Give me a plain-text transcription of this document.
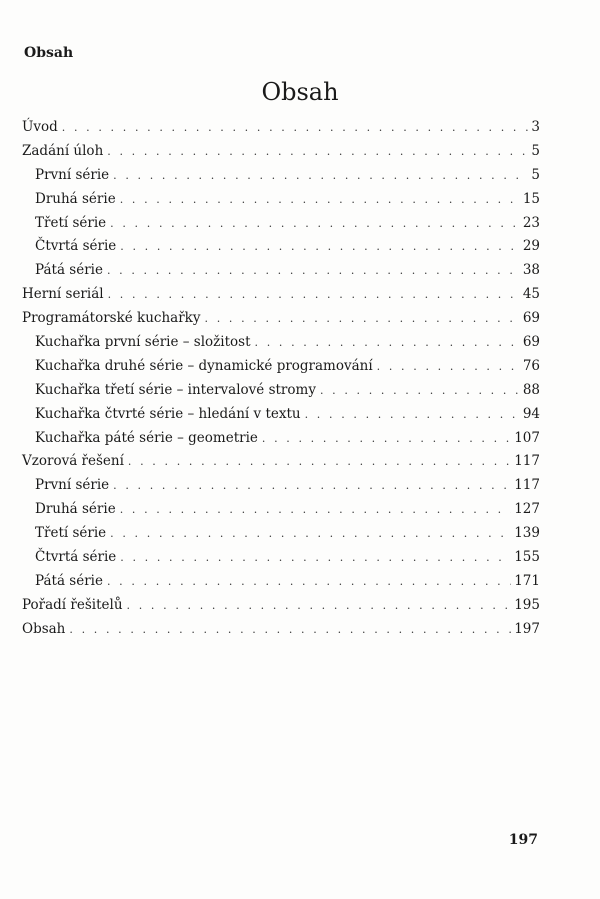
Obsah
Obsah
Úvod . . .	3
Zadání úloh . . .	5
První série . . .	5
Druhá série . . .	15
Třetí série . . .	23
Čtvrtá série . . .	29
Pátá série . . .	38
Herní seriál . . .	45
Programátorské kuchařky . . .	69
Kuchařka první série – složitost . . .	69
Kuchařka druhé série – dynamické programování . . .	76
Kuchařka třetí série – intervalové stromy . . .	88
Kuchařka čtvrté série – hledání v textu . . .	94
Kuchařka páté série – geometrie . . .	107
Vzorová řešení . . .	117
První série . . .	117
Druhá série . . .	127
Třetí série . . .	139
Čtvrtá série . . .	155
Pátá série . . .	171
Pořadí řešitelů . . .	195
Obsah . . .	197
197
